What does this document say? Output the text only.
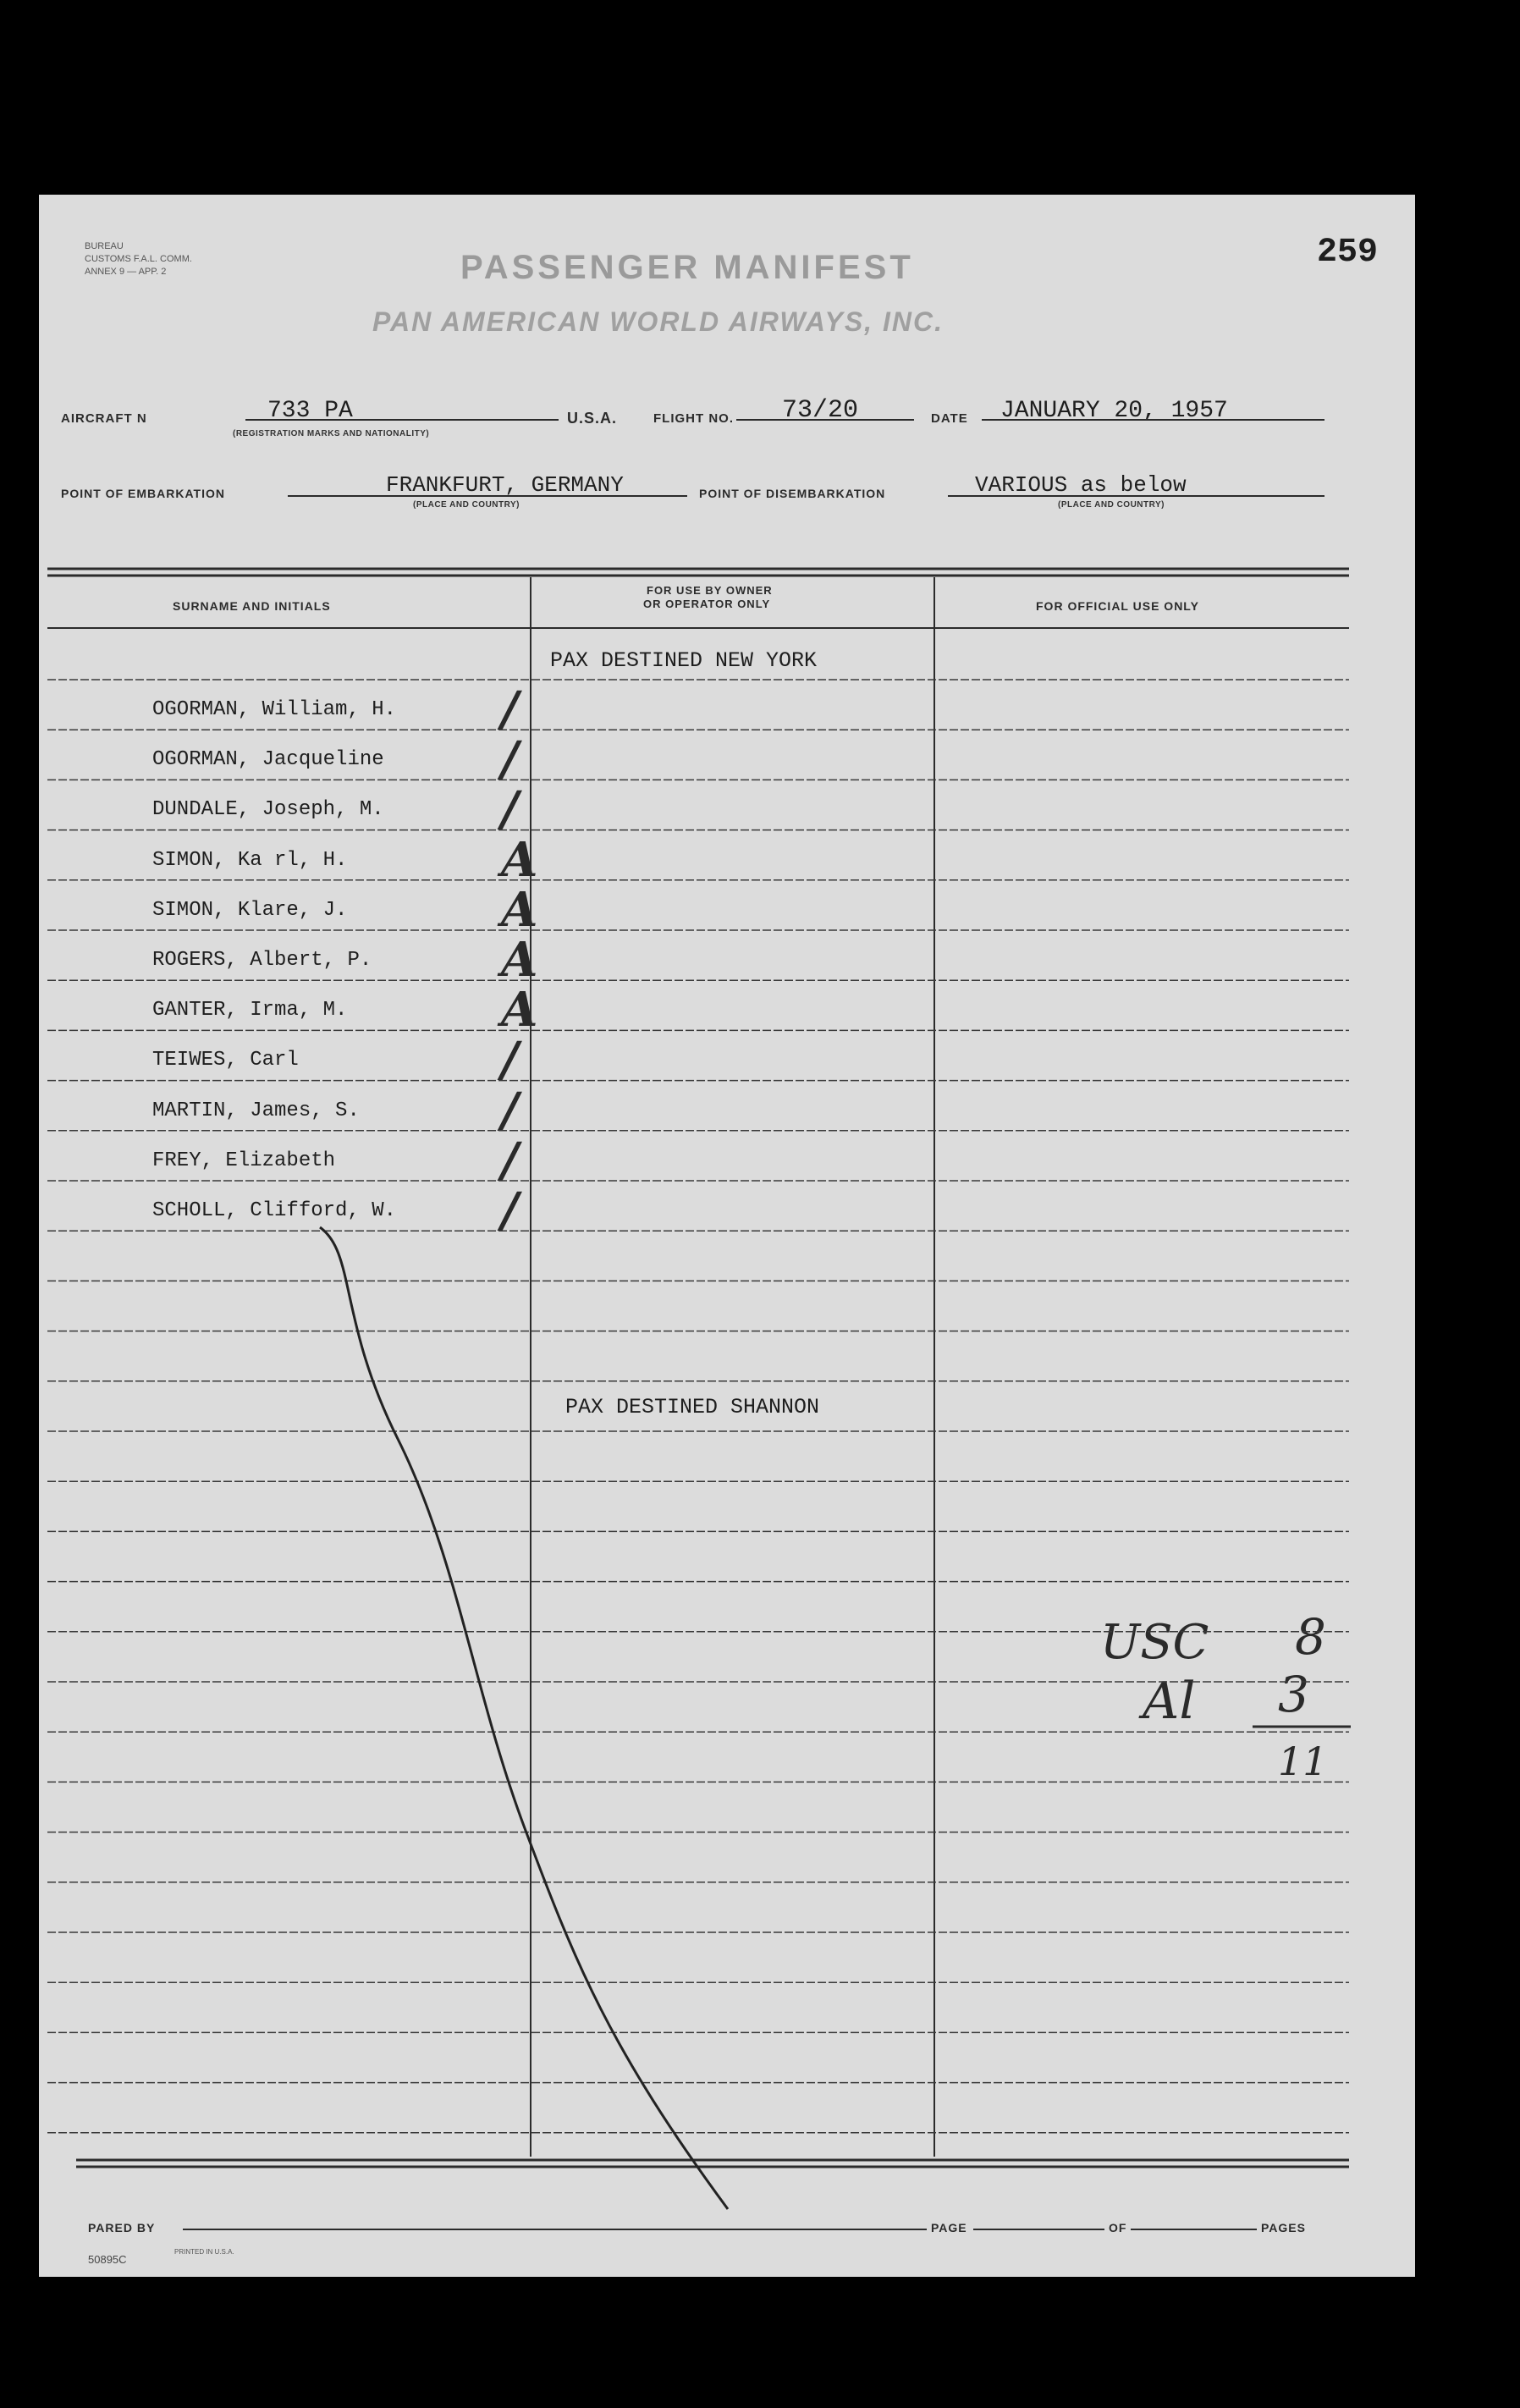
BUREAU
CUSTOMS F.A.L. COMM.
ANNEX 9 — APP. 2	PASSENGER MANIFEST
PAN AMERICAN WORLD AIRWAYS, INC.
259
AIRCRAFT N	733 PA
(REGISTRATION MARKS AND NATIONALITY)
U.S.A.	FLIGHT NO. 73/20	DATE JANUARY 20, 1957
POINT OF EMBARKATION	FRANKFURT, GERMANY
(PLACE AND COUNTRY)
POINT OF DISEMBARKATION	VARIOUS as below
(PLACE AND COUNTRY)
SURNAME AND INITIALS
FOR USE BY OWNER
OR OPERATOR ONLY	FOR OFFICIAL USE ONLY
PAX DESTINED NEW YORK
PAX DESTINED SHANNON
OGORMAN, William, H. /
OGORMAN, Jacqueline /
DUNDALE, Joseph, M. /
SIMON, Ka rl, H.	A
SIMON, Klare, J.	A
ROGERS, Albert, P.	A
GANTER, Irma, M.	A
TEIWES, Carl	/
MARTIN, James, S.	/
FREY, Elizabeth	/
SCHOLL, Clifford, W. /
USC 8
Al 3
11
PARED BY	PAGE	OF	PAGES
50895C
PRINTED IN U.S.A.
